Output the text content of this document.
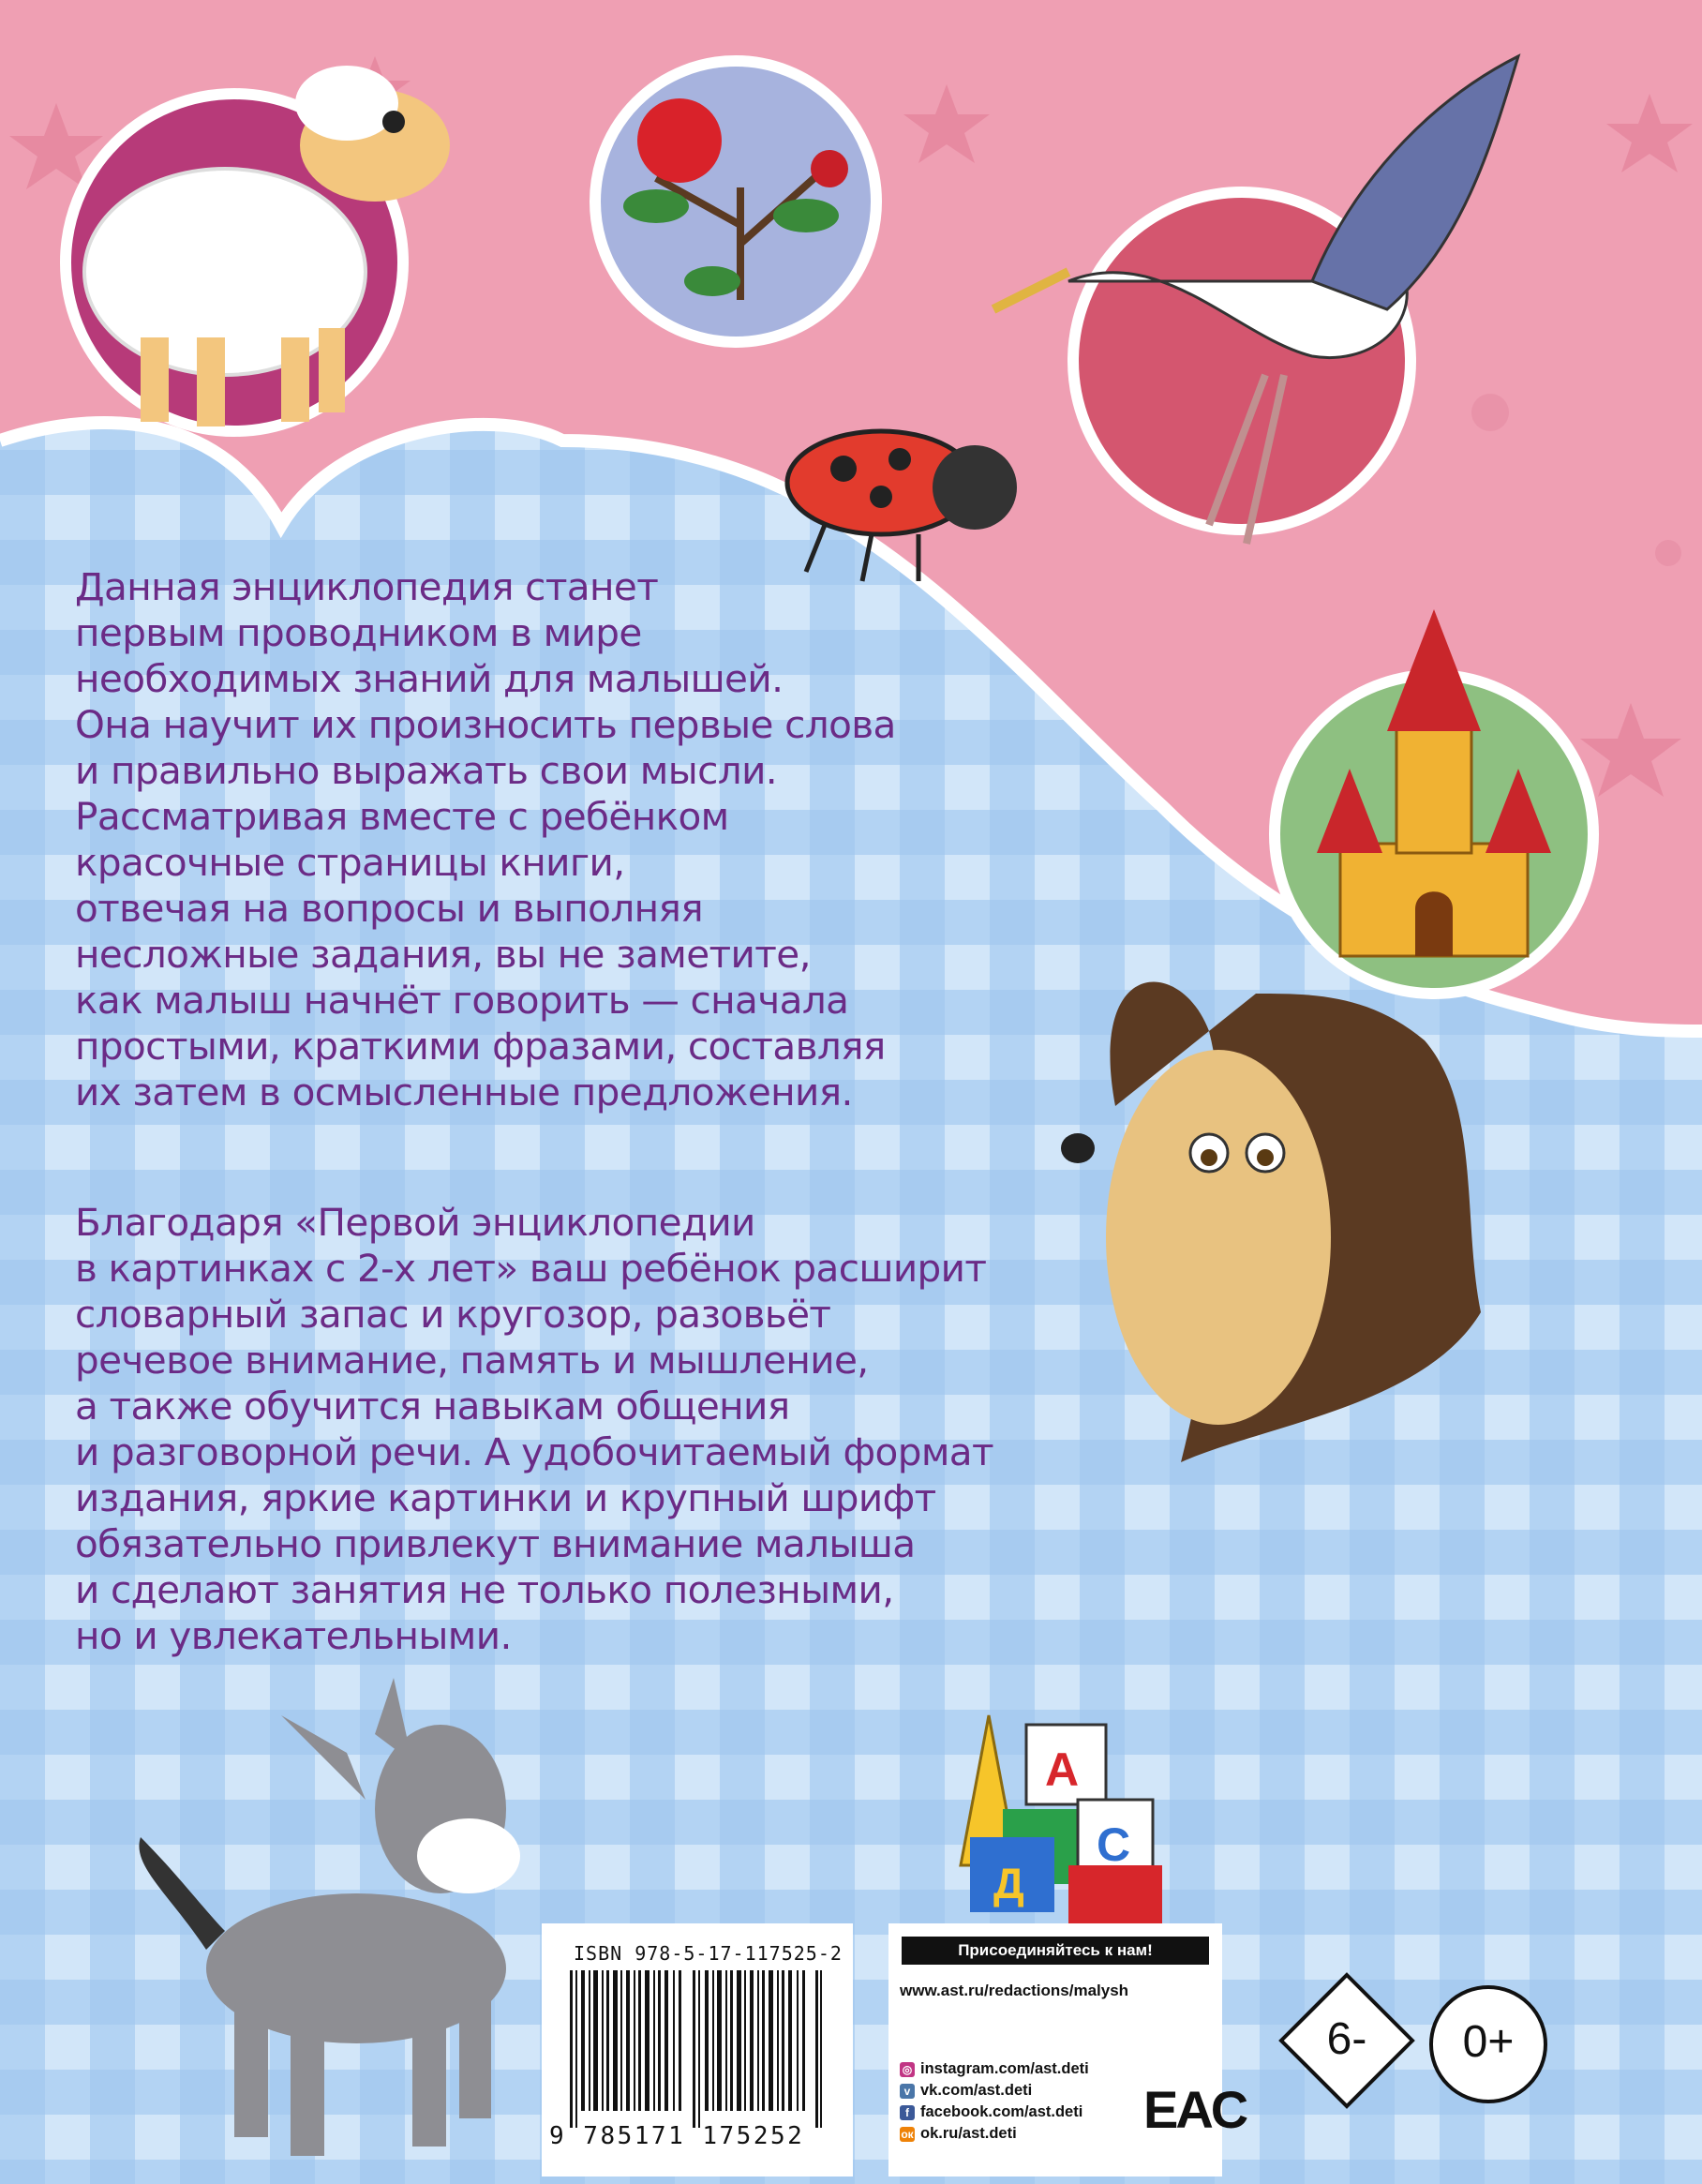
A
C
Д

Данная энциклопедия станет
первым проводником в мире
необходимых знаний для малышей.
Она научит их произносить первые слова
и правильно выражать свои мысли.
Рассматривая вместе с ребёнком
красочные страницы книги,
отвечая на вопросы и выполняя
несложные задания, вы не заметите,
как малыш начнёт говорить — сначала
простыми, краткими фразами, составляя
их затем в осмысленные предложения.

Благодаря «Первой энциклопедии
в картинках с 2-х лет» ваш ребёнок расширит
словарный запас и кругозор, разовьёт
речевое внимание, память и мышление,
а также обучится навыкам общения
и разговорной речи. А удобочитаемый формат
издания, яркие картинки и крупный шрифт
обязательно привлекут внимание малыша
и сделают занятия не только полезными,
но и увлекательными.

ISBN 978-5-17-117525-2
9 785171 175252
Присоединяйтесь к нам!
www.ast.ru/redactions/malysh
◎ instagram.com/ast.deti
v vk.com/ast.deti
f facebook.com/ast.deti
ок ok.ru/ast.deti EAC
6-	0+
